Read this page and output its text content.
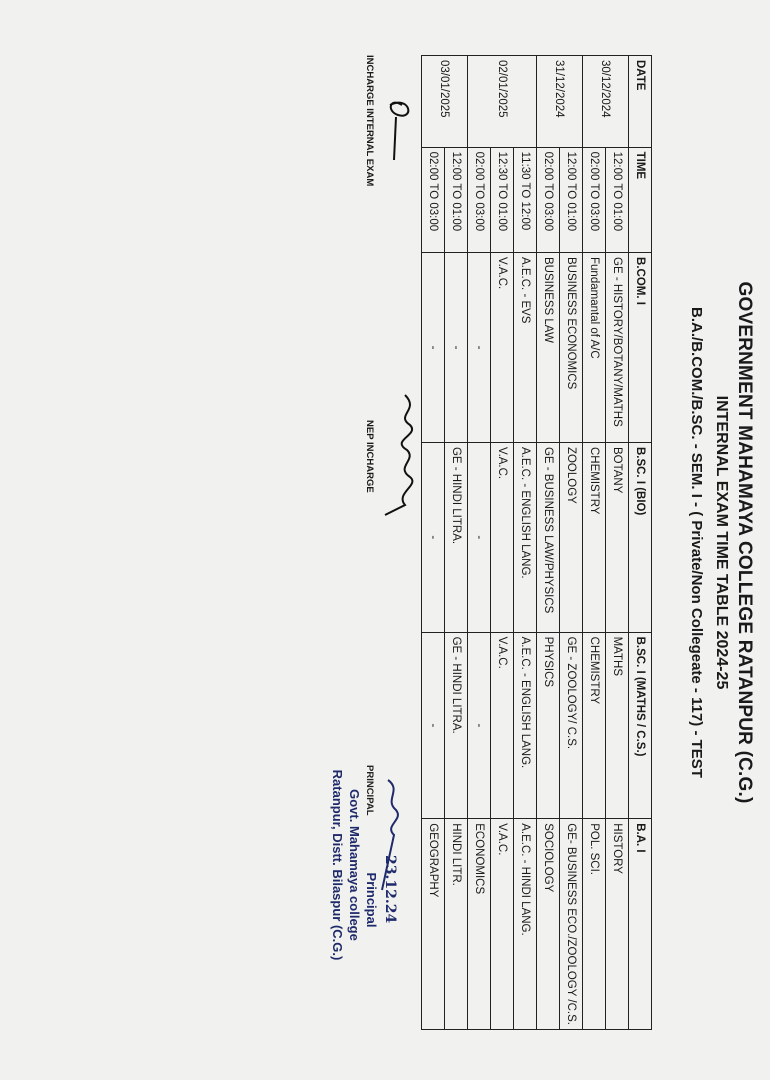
GOVERNMENT MAHAMAYA COLLEGE RATANPUR (C.G.)
INTERNAL EXAM TIME TABLE 2024-25
B.A./B.COM./B.SC. - SEM. I - ( Private/Non Collegeate - 117) - TEST
DATE	TIME	B.COM. I	B.SC. I (BIO)	B.SC. I (MATHS / C.S.)	B.A. I
30/12/2024	12:00 TO 01:00	GE - HISTORY/BOTANY/MATHS	BOTANY	MATHS	HISTORY
	02:00 TO 03:00	Fundamantal of A/C	CHEMISTRY	CHEMISTRY	POL. SCI.
31/12/2024	12:00 TO 01:00	BUSINESS ECONOMICS	ZOOLOGY	GE - ZOOLOGY/ C.S.	GE- BUSINESS ECO./ZOOLOGY /C.S.
	02:00 TO 03:00	BUSINESS LAW	GE - BUSINESS LAW/PHYSICS	PHYSICS	SOCIOLOGY
02/01/2025	11:30 TO 12:00	A.E.C. - EVS	A.E.C. - ENGLISH LANG.	A.E.C. - ENGLISH LANG.	A.E.C. - HINDI LANG.
	12:30 TO 01:00	V.A.C.	V.A.C.	V.A.C.	V.A.C.
	02:00 TO 03:00	-	-	-	ECONOMICS
03/01/2025	12:00 TO 01:00	-	GE - HINDI LITRA.	GE - HINDI LITRA.	HINDI LITR.
	02:00 TO 03:00	-	-	-	GEOGRAPHY
INCHARGE INTERNAL EXAM
NEP INCHARGE
23.12.24
PRINCIPAL
Principal
Govt. Mahamaya college
Ratanpur, Distt. Bilaspur (C.G.)
